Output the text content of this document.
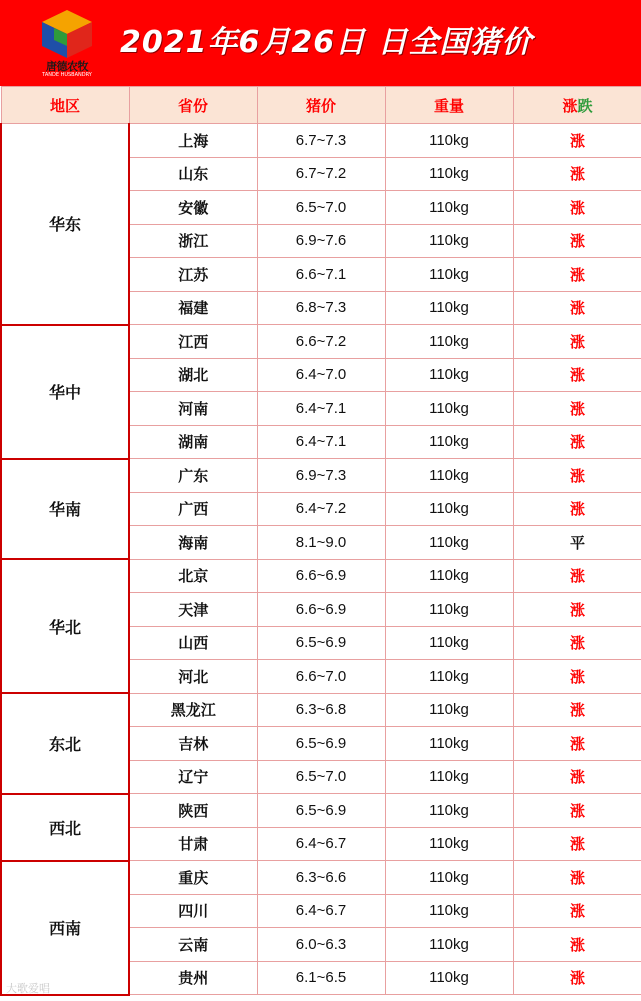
唐德农牧
TANDE HUSBANDRY
2021年6月26日 日全国猪价
地区	省份	猪价	重量	涨跌
华东	上海	6.7~7.3	110kg	涨
	山东	6.7~7.2	110kg	涨
	安徽	6.5~7.0	110kg	涨
	浙江	6.9~7.6	110kg	涨
	江苏	6.6~7.1	110kg	涨
	福建	6.8~7.3	110kg	涨
华中	江西	6.6~7.2	110kg	涨
	湖北	6.4~7.0	110kg	涨
	河南	6.4~7.1	110kg	涨
	湖南	6.4~7.1	110kg	涨
华南	广东	6.9~7.3	110kg	涨
	广西	6.4~7.2	110kg	涨
	海南	8.1~9.0	110kg	平
华北	北京	6.6~6.9	110kg	涨
	天津	6.6~6.9	110kg	涨
	山西	6.5~6.9	110kg	涨
	河北	6.6~7.0	110kg	涨
东北	黑龙江	6.3~6.8	110kg	涨
	吉林	6.5~6.9	110kg	涨
	辽宁	6.5~7.0	110kg	涨
西北	陕西	6.5~6.9	110kg	涨
	甘肃	6.4~6.7	110kg	涨
西南	重庆	6.3~6.6	110kg	涨
	四川	6.4~6.7	110kg	涨
	云南	6.0~6.3	110kg	涨
	贵州	6.1~6.5	110kg	涨
大歌爱唱
